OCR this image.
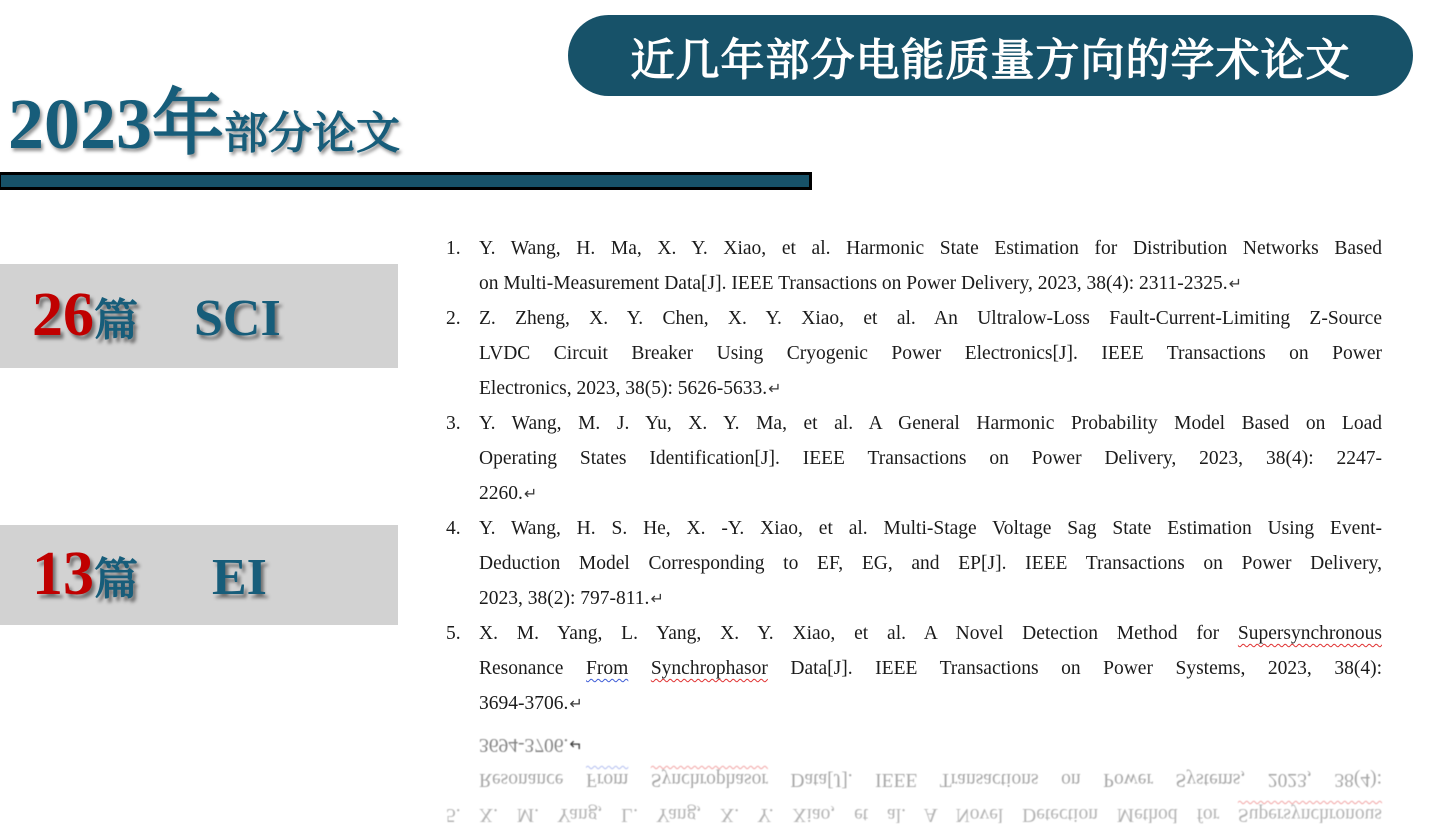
近几年部分电能质量方向的学术论文
2023年 部分论文
26 篇 SCI
13 篇 EI
1. Y. Wang, H. Ma, X. Y. Xiao, et al. Harmonic State Estimation for Distribution Networks Based
on Multi-Measurement Data[J]. IEEE Transactions on Power Delivery, 2023, 38(4): 2311-2325.↵
2. Z. Zheng, X. Y. Chen, X. Y. Xiao, et al. An Ultralow-Loss Fault-Current-Limiting Z-Source
LVDC Circuit Breaker Using Cryogenic Power Electronics[J]. IEEE Transactions on Power
Electronics, 2023, 38(5): 5626-5633.↵
3. Y. Wang, M. J. Yu, X. Y. Ma, et al. A General Harmonic Probability Model Based on Load
Operating States Identification[J]. IEEE Transactions on Power Delivery, 2023, 38(4): 2247-
2260.↵
4. Y. Wang, H. S. He, X. -Y. Xiao, et al. Multi-Stage Voltage Sag State Estimation Using Event-
Deduction Model Corresponding to EF, EG, and EP[J]. IEEE Transactions on Power Delivery,
2023, 38(2): 797-811.↵
5. X. M. Yang, L. Yang, X. Y. Xiao, et al. A Novel Detection Method for Supersynchronous
Resonance From Synchrophasor Data[J]. IEEE Transactions on Power Systems, 2023, 38(4):
3694-3706.↵
3694-3706.↵
Resonance From Synchrophasor Data[J]. IEEE Transactions on Power Systems, 2023, 38(4):
5. X. M. Yang, L. Yang, X. Y. Xiao, et al. A Novel Detection Method for Supersynchronous
